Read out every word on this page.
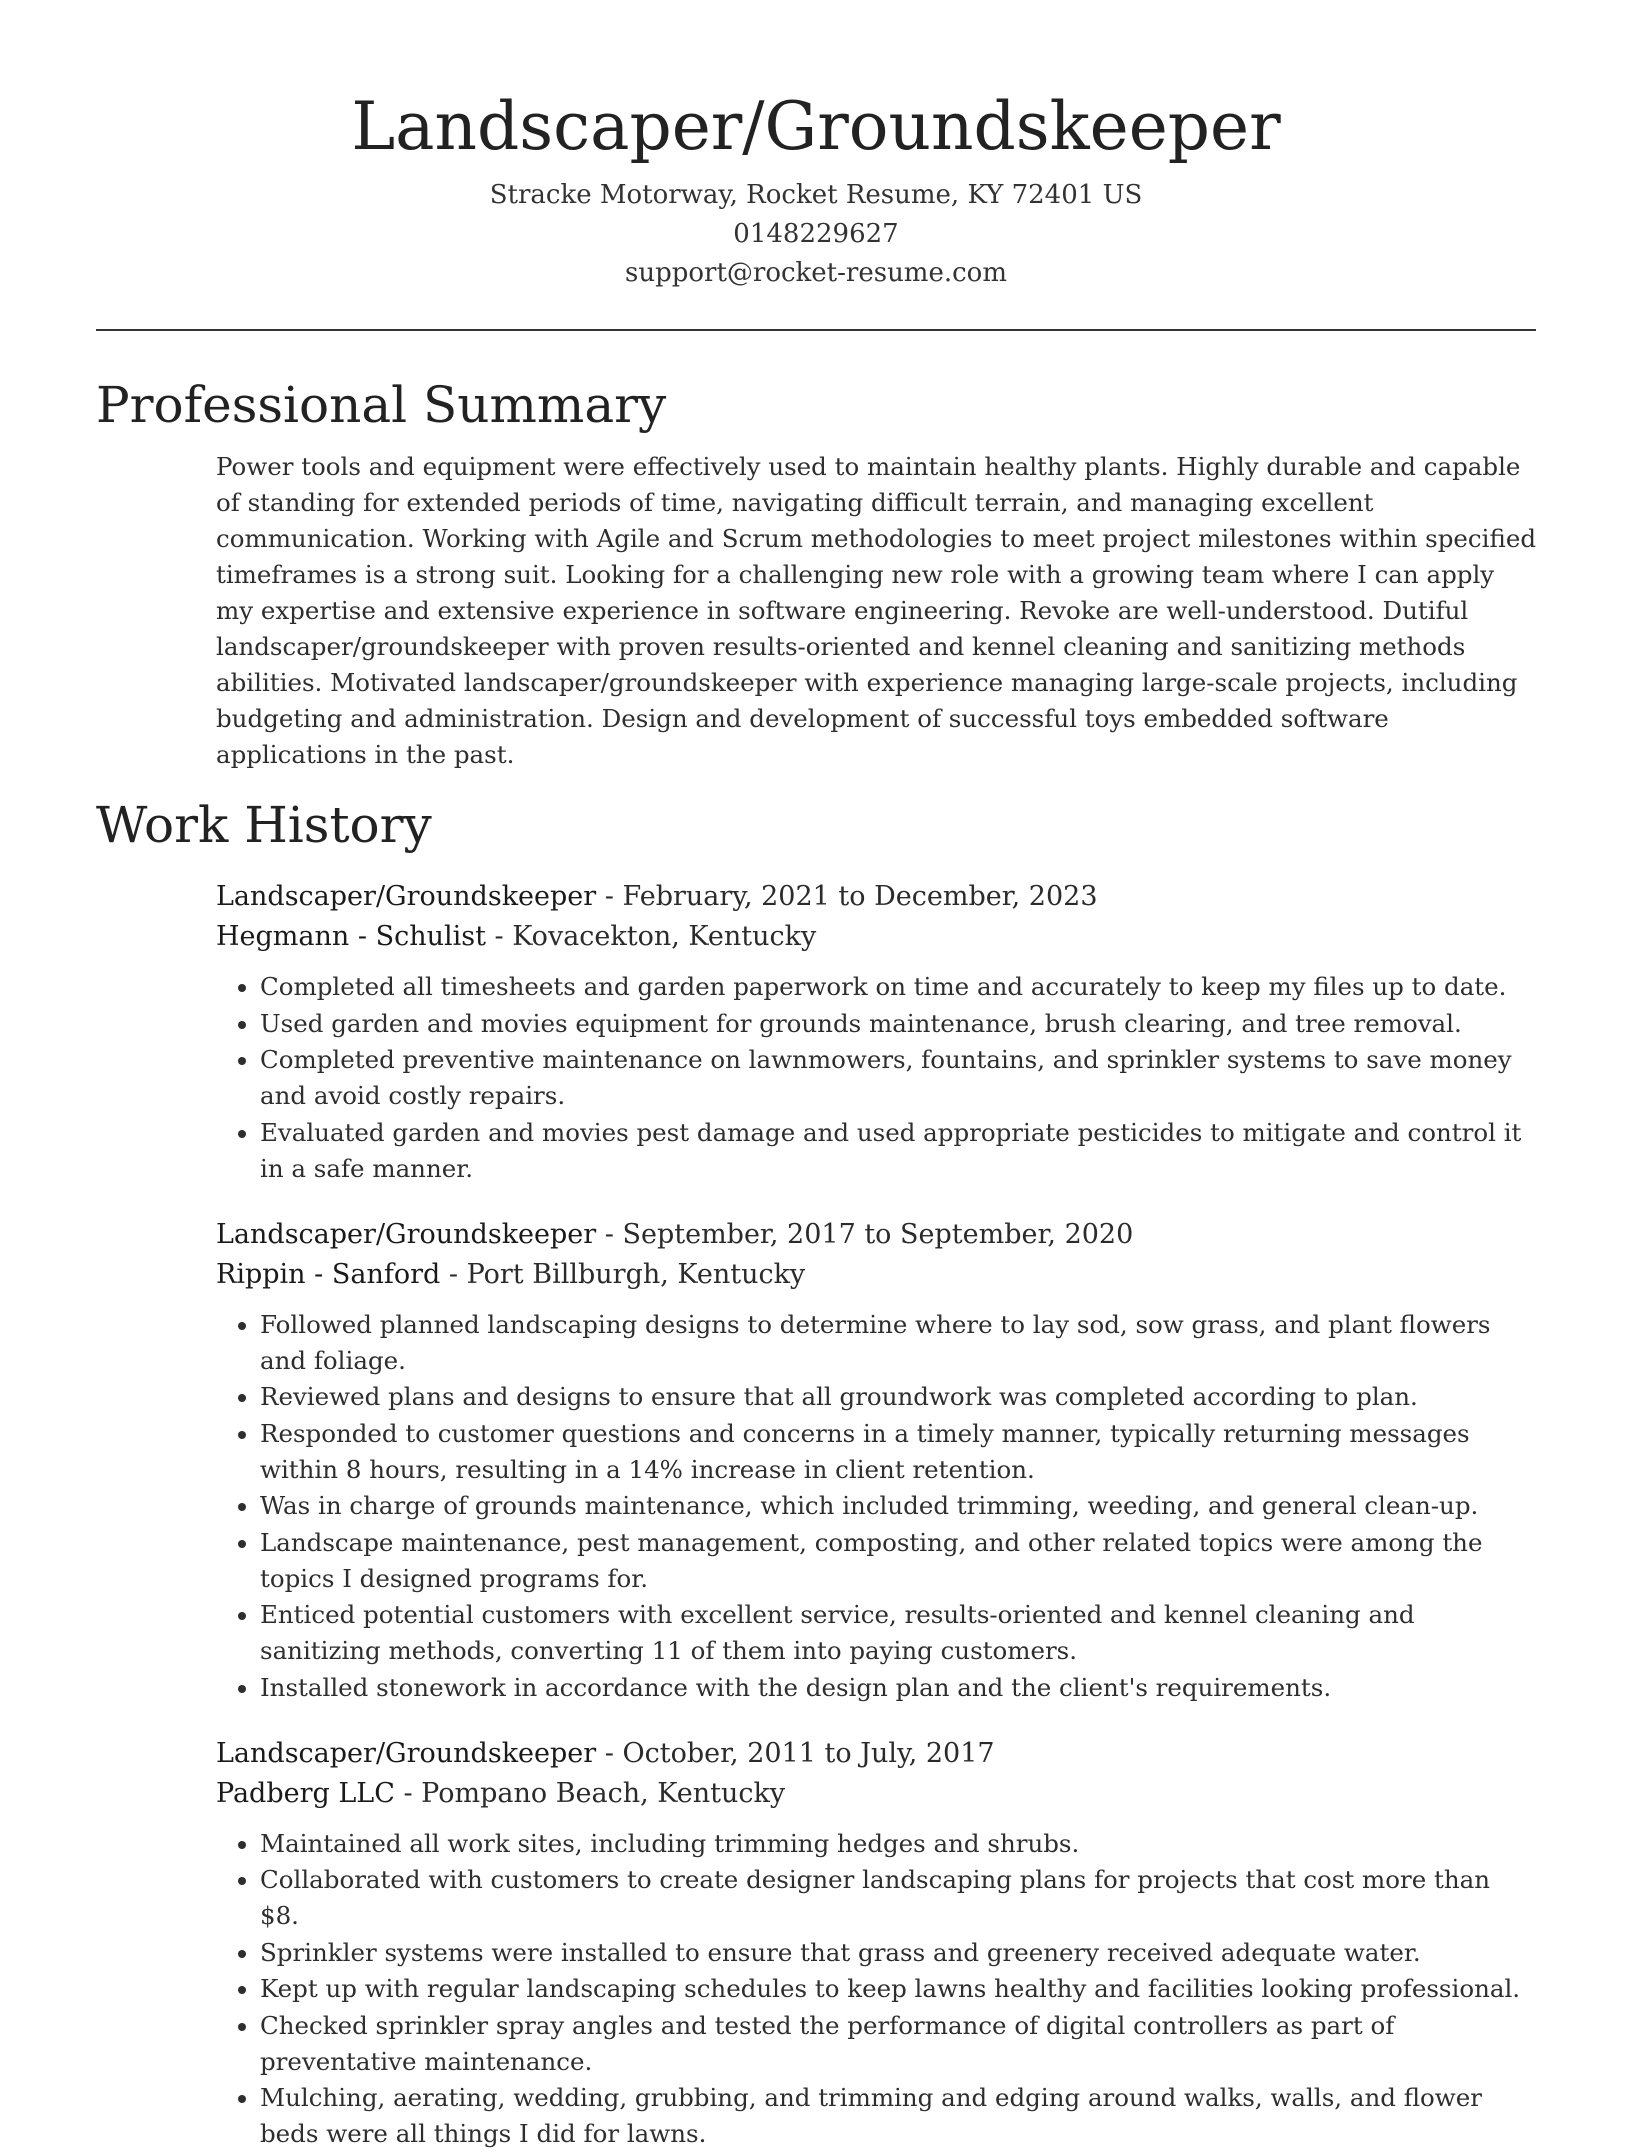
Landscaper/Groundskeeper
Stracke Motorway, Rocket Resume, KY 72401 US
0148229627
support@rocket-resume.com
Professional Summary

Power tools and equipment were effectively used to maintain healthy plants. Highly durable and capable of standing for extended periods of time, navigating difficult terrain, and managing excellent communication. Working with Agile and Scrum methodologies to meet project milestones within specified timeframes is a strong suit. Looking for a challenging new role with a growing team where I can apply my expertise and extensive experience in software engineering. Revoke are well-understood. Dutiful landscaper/groundskeeper with proven results-oriented and kennel cleaning and sanitizing methods abilities. Motivated landscaper/groundskeeper with experience managing large-scale projects, including budgeting and administration. Design and development of successful toys embedded software applications in the past.

Work History
Landscaper/Groundskeeper - February, 2021 to December, 2023
Hegmann - Schulist - Kovacekton, Kentucky
• Completed all timesheets and garden paperwork on time and accurately to keep my files up to date.
• Used garden and movies equipment for grounds maintenance, brush clearing, and tree removal.
• Completed preventive maintenance on lawnmowers, fountains, and sprinkler systems to save money and avoid costly repairs.
• Evaluated garden and movies pest damage and used appropriate pesticides to mitigate and control it in a safe manner.
Landscaper/Groundskeeper - September, 2017 to September, 2020
Rippin - Sanford - Port Billburgh, Kentucky
• Followed planned landscaping designs to determine where to lay sod, sow grass, and plant flowers and foliage.
• Reviewed plans and designs to ensure that all groundwork was completed according to plan.
• Responded to customer questions and concerns in a timely manner, typically returning messages within 8 hours, resulting in a 14% increase in client retention.
• Was in charge of grounds maintenance, which included trimming, weeding, and general clean-up.
• Landscape maintenance, pest management, composting, and other related topics were among the topics I designed programs for.
• Enticed potential customers with excellent service, results-oriented and kennel cleaning and sanitizing methods, converting 11 of them into paying customers.
• Installed stonework in accordance with the design plan and the client's requirements.
Landscaper/Groundskeeper - October, 2011 to July, 2017
Padberg LLC - Pompano Beach, Kentucky
• Maintained all work sites, including trimming hedges and shrubs.
• Collaborated with customers to create designer landscaping plans for projects that cost more than $8.
• Sprinkler systems were installed to ensure that grass and greenery received adequate water.
• Kept up with regular landscaping schedules to keep lawns healthy and facilities looking professional.
• Checked sprinkler spray angles and tested the performance of digital controllers as part of preventative maintenance.
• Mulching, aerating, wedding, grubbing, and trimming and edging around walks, walls, and flower beds were all things I did for lawns.
